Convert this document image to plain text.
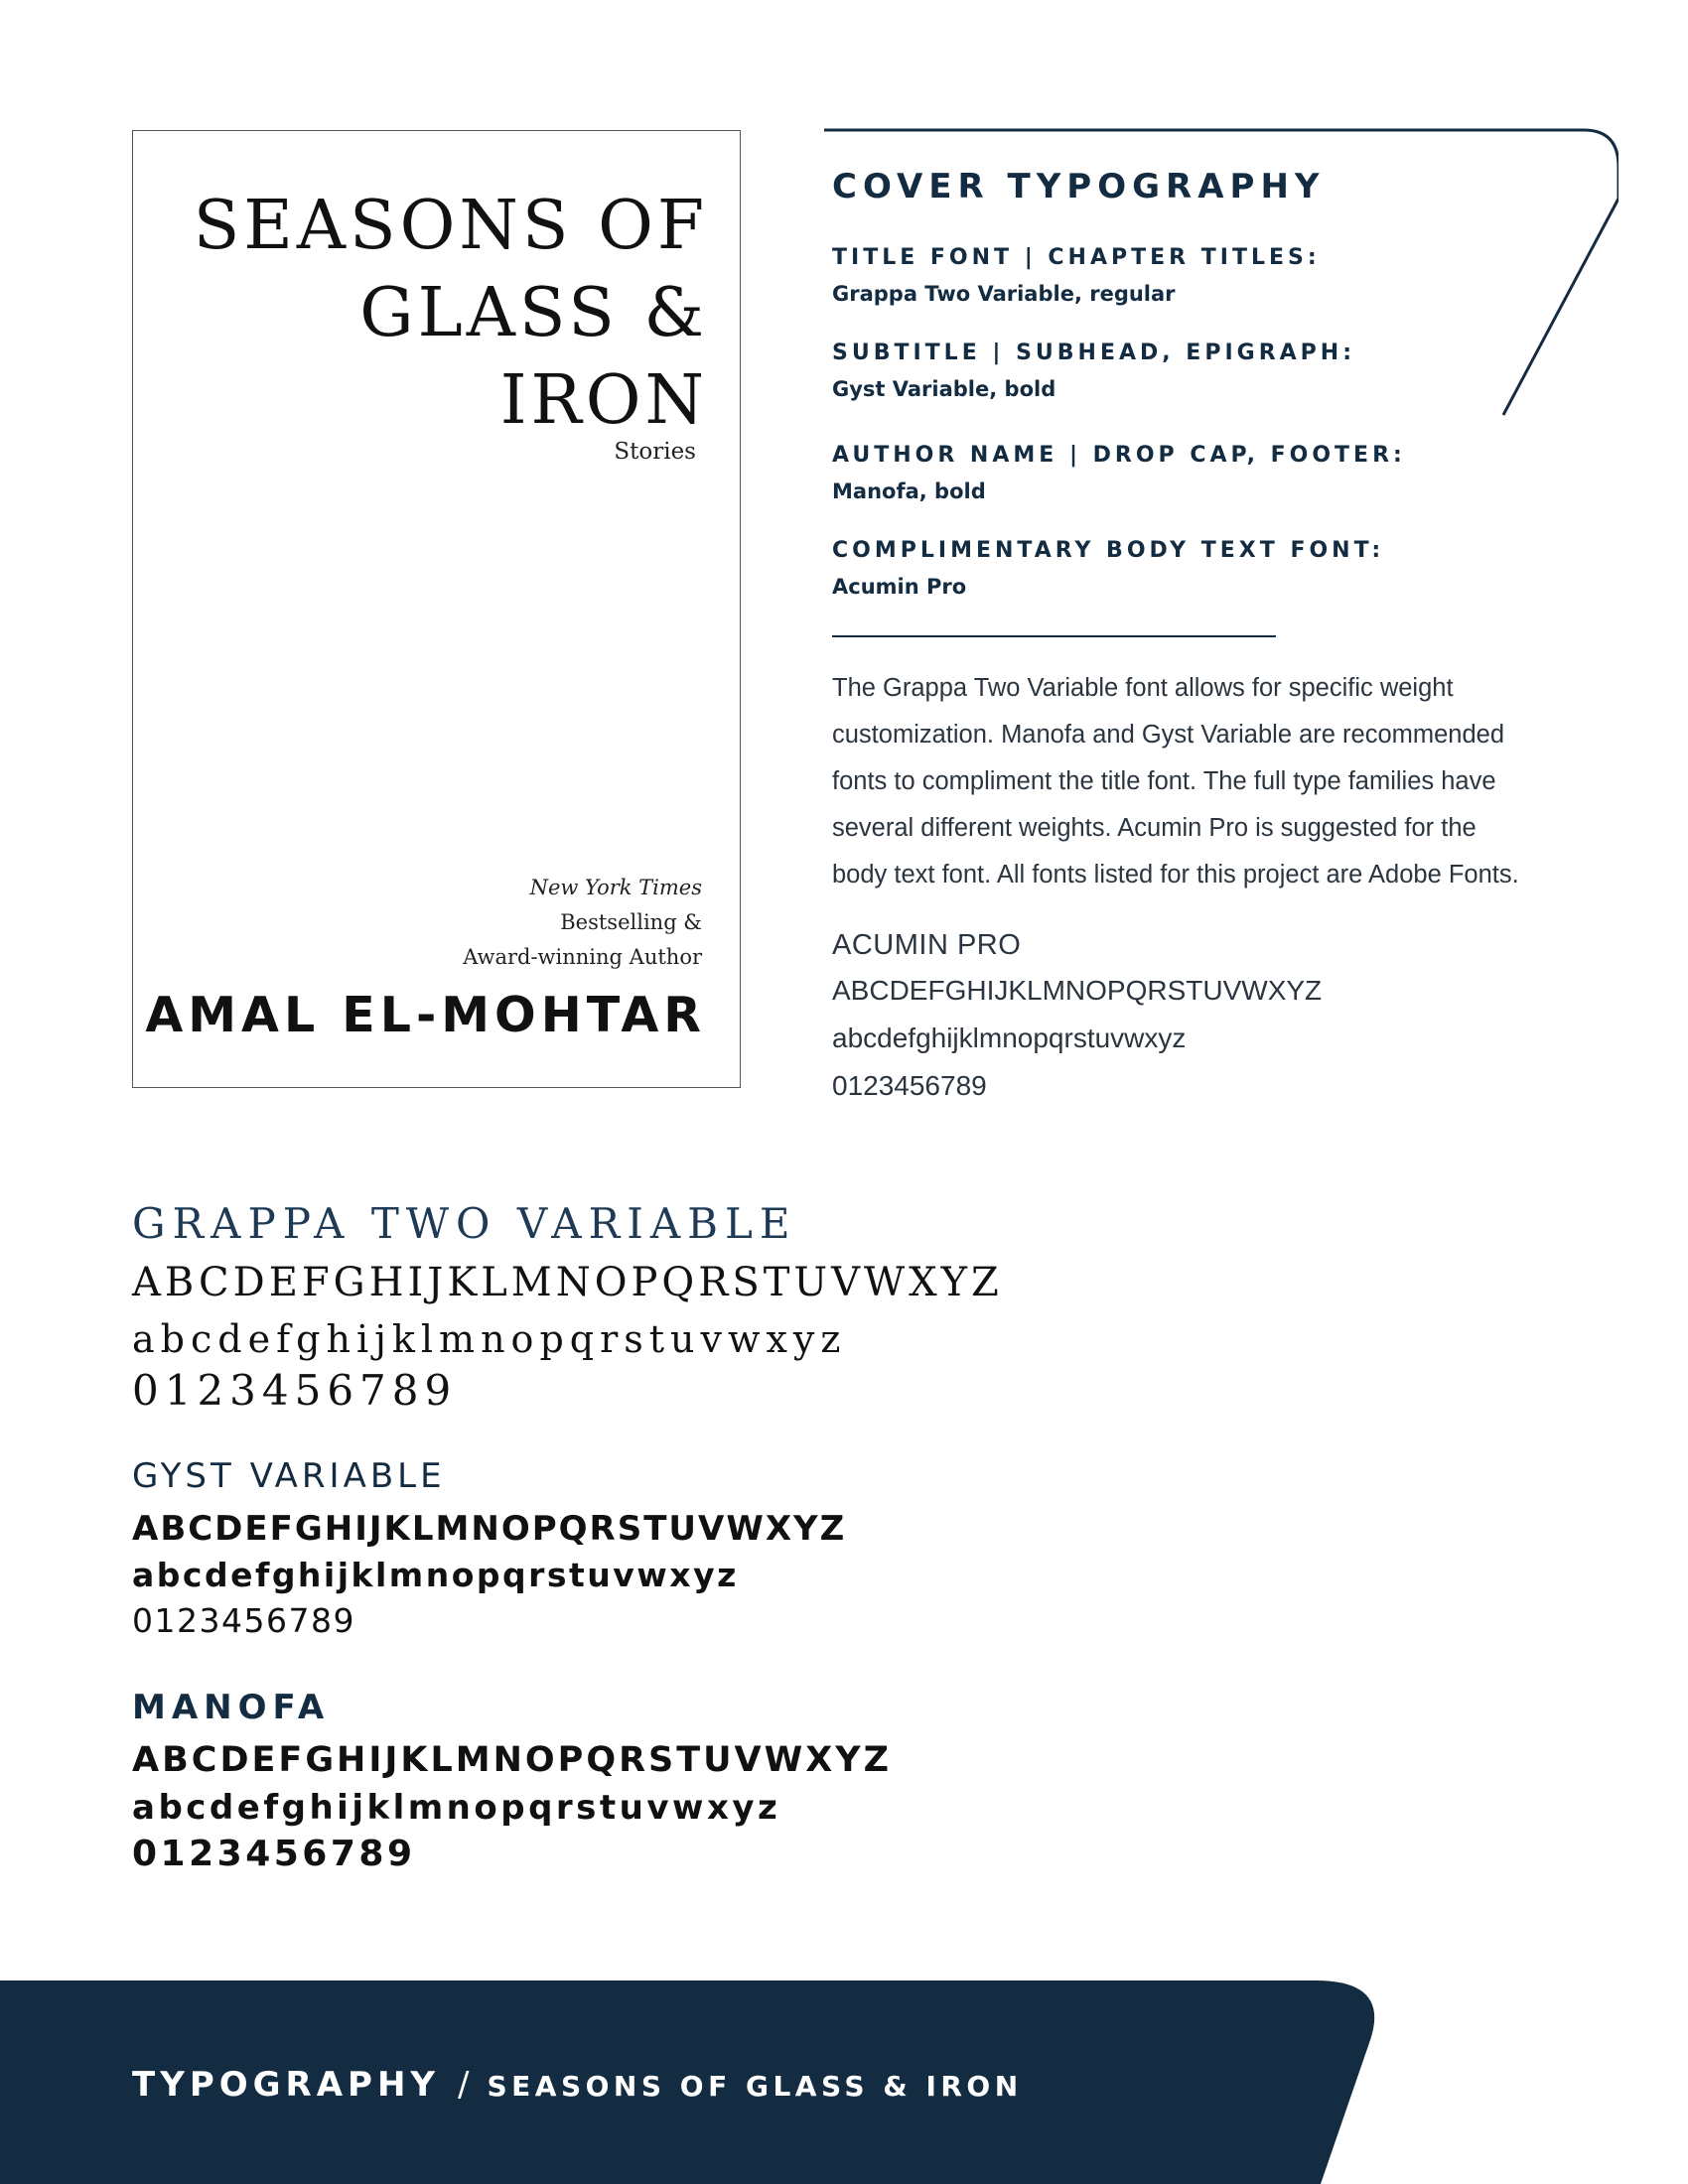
SEASONS OF
GLASS &
IRON

Stories

New York Times
Bestselling &
Award-winning Author

AMAL EL-MOHTAR

COVER TYPOGRAPHY

TITLE FONT | CHAPTER TITLES:

Grappa Two Variable, regular

SUBTITLE | SUBHEAD, EPIGRAPH:

Gyst Variable, bold

AUTHOR NAME | DROP CAP, FOOTER:

Manofa, bold

COMPLIMENTARY BODY TEXT FONT:

Acumin Pro

The Grappa Two Variable font allows for specific weight
customization. Manofa and Gyst Variable are recommended
fonts to compliment the title font. The full type families have
several different weights. Acumin Pro is suggested for the
body text font. All fonts listed for this project are Adobe Fonts.
ACUMIN PRO
ABCDEFGHIJKLMNOPQRSTUVWXYZ
abcdefghijklmnopqrstuvwxyz
0123456789
GRAPPA TWO VARIABLE
ABCDEFGHIJKLMNOPQRSTUVWXYZ
abcdefghijklmnopqrstuvwxyz
0123456789
GYST VARIABLE
ABCDEFGHIJKLMNOPQRSTUVWXYZ
abcdefghijklmnopqrstuvwxyz
0123456789
MANOFA
ABCDEFGHIJKLMNOPQRSTUVWXYZ
abcdefghijklmnopqrstuvwxyz
0123456789

TYPOGRAPHY / SEASONS OF GLASS & IRON
